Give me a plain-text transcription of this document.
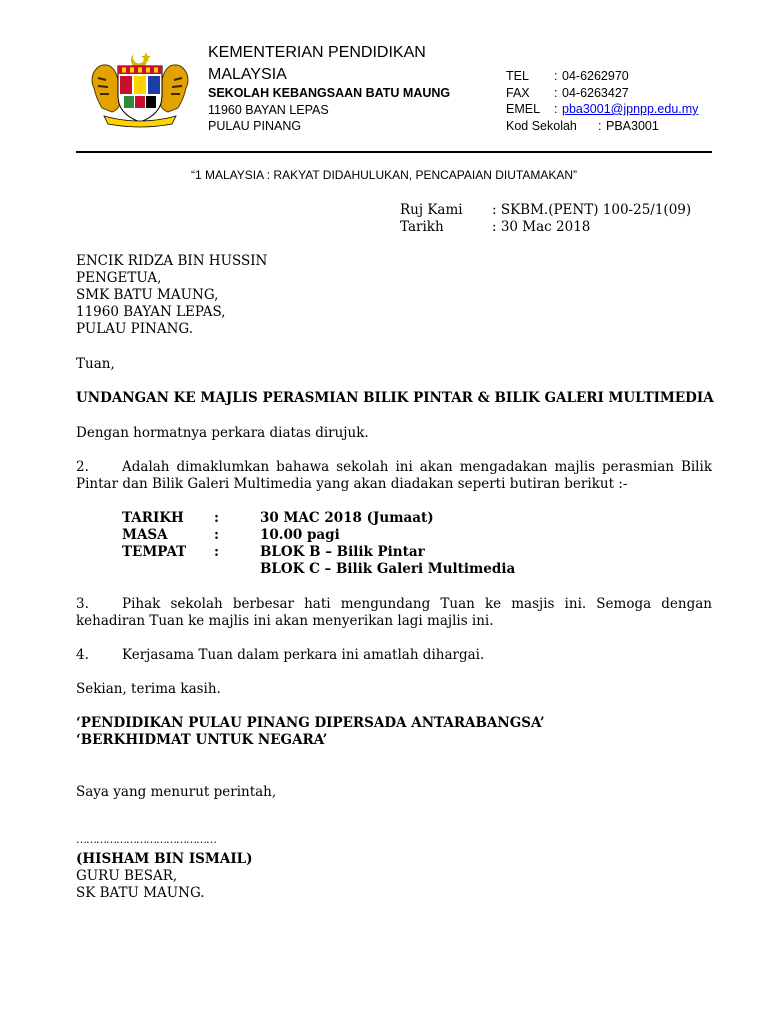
KEMENTERIAN PENDIDIKAN
MALAYSIA
SEKOLAH KEBANGSAAN BATU MAUNG
11960 BAYAN LEPAS
PULAU PINANG
TEL : 04-6262970
FAX : 04-6263427
EMEL : pba3001@jpnpp.edu.my
Kod Sekolah : PBA3001
“1 MALAYSIA : RAKYAT DIDAHULUKAN, PENCAPAIAN DIUTAMAKAN”
Ruj Kami : SKBM.(PENT) 100-25/1(09)
Tarikh	: 30 Mac 2018
ENCIK RIDZA BIN HUSSIN
PENGETUA,
SMK BATU MAUNG,
11960 BAYAN LEPAS,
PULAU PINANG.
Tuan,
UNDANGAN KE MAJLIS PERASMIAN BILIK PINTAR & BILIK GALERI MULTIMEDIA
Dengan hormatnya perkara diatas dirujuk.
2. Adalah dimaklumkan bahawa sekolah ini akan mengadakan majlis perasmian Bilik Pintar dan Bilik Galeri Multimedia yang akan diadakan seperti butiran berikut :-
TARIKH :	30 MAC 2018 (Jumaat)
MASA	:	10.00 pagi
TEMPAT :	BLOK B – Bilik Pintar
BLOK C – Bilik Galeri Multimedia
3. Pihak sekolah berbesar hati mengundang Tuan ke masjis ini. Semoga dengan kehadiran Tuan ke majlis ini akan menyerikan lagi majlis ini.
4. Kerjasama Tuan dalam perkara ini amatlah dihargai.
Sekian, terima kasih.
‘PENDIDIKAN PULAU PINANG DIPERSADA ANTARABANGSA’
‘BERKHIDMAT UNTUK NEGARA’
Saya yang menurut perintah,
……………………………………
(HISHAM BIN ISMAIL)
GURU BESAR,
SK BATU MAUNG.
